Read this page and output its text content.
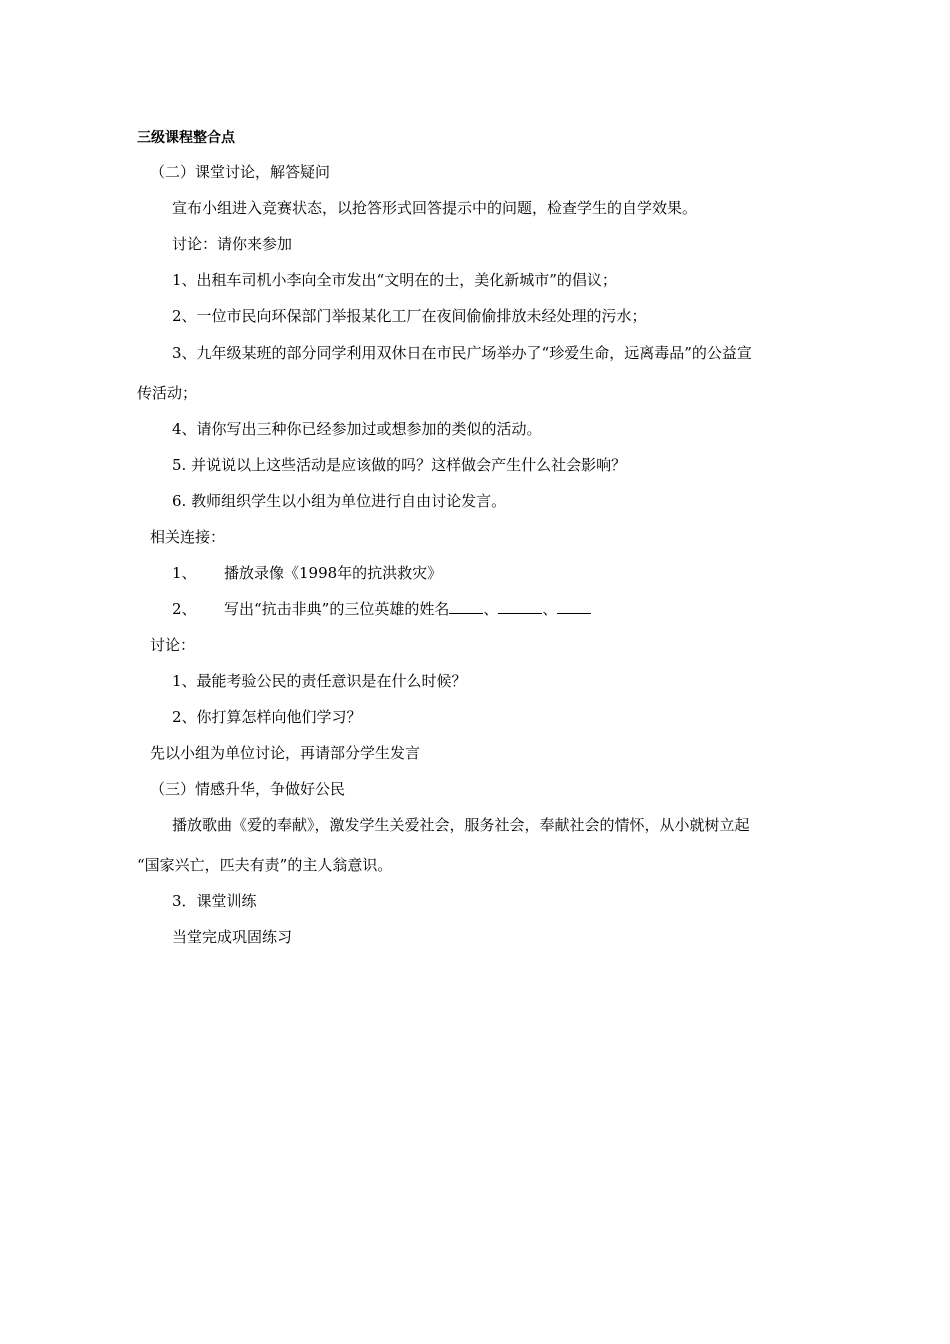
三级课程整合点
（二）课堂讨论，解答疑问
宣布小组进入竞赛状态，以抢答形式回答提示中的问题，检查学生的自学效果。
讨论：请你来参加
1、出租车司机小李向全市发出“文明在的士，美化新城市”的倡议；
2、一位市民向环保部门举报某化工厂在夜间偷偷排放未经处理的污水；
3、九年级某班的部分同学利用双休日在市民广场举办了“珍爱生命，远离毒品”的公益宣
传活动；
4、请你写出三种你已经参加过或想参加的类似的活动。
5. 并说说以上这些活动是应该做的吗？这样做会产生什么社会影响？
6. 教师组织学生以小组为单位进行自由讨论发言。
相关连接：
1、 播放录像《1998年的抗洪救灾》
2、 写出“抗击非典”的三位英雄的姓名 、	、
讨论：
1、最能考验公民的责任意识是在什么时候？
2、你打算怎样向他们学习？
先以小组为单位讨论，再请部分学生发言
（三）情感升华，争做好公民
播放歌曲《爱的奉献》，激发学生关爱社会，服务社会，奉献社会的情怀，从小就树立起
“国家兴亡，匹夫有责”的主人翁意识。
3．课堂训练
当堂完成巩固练习
